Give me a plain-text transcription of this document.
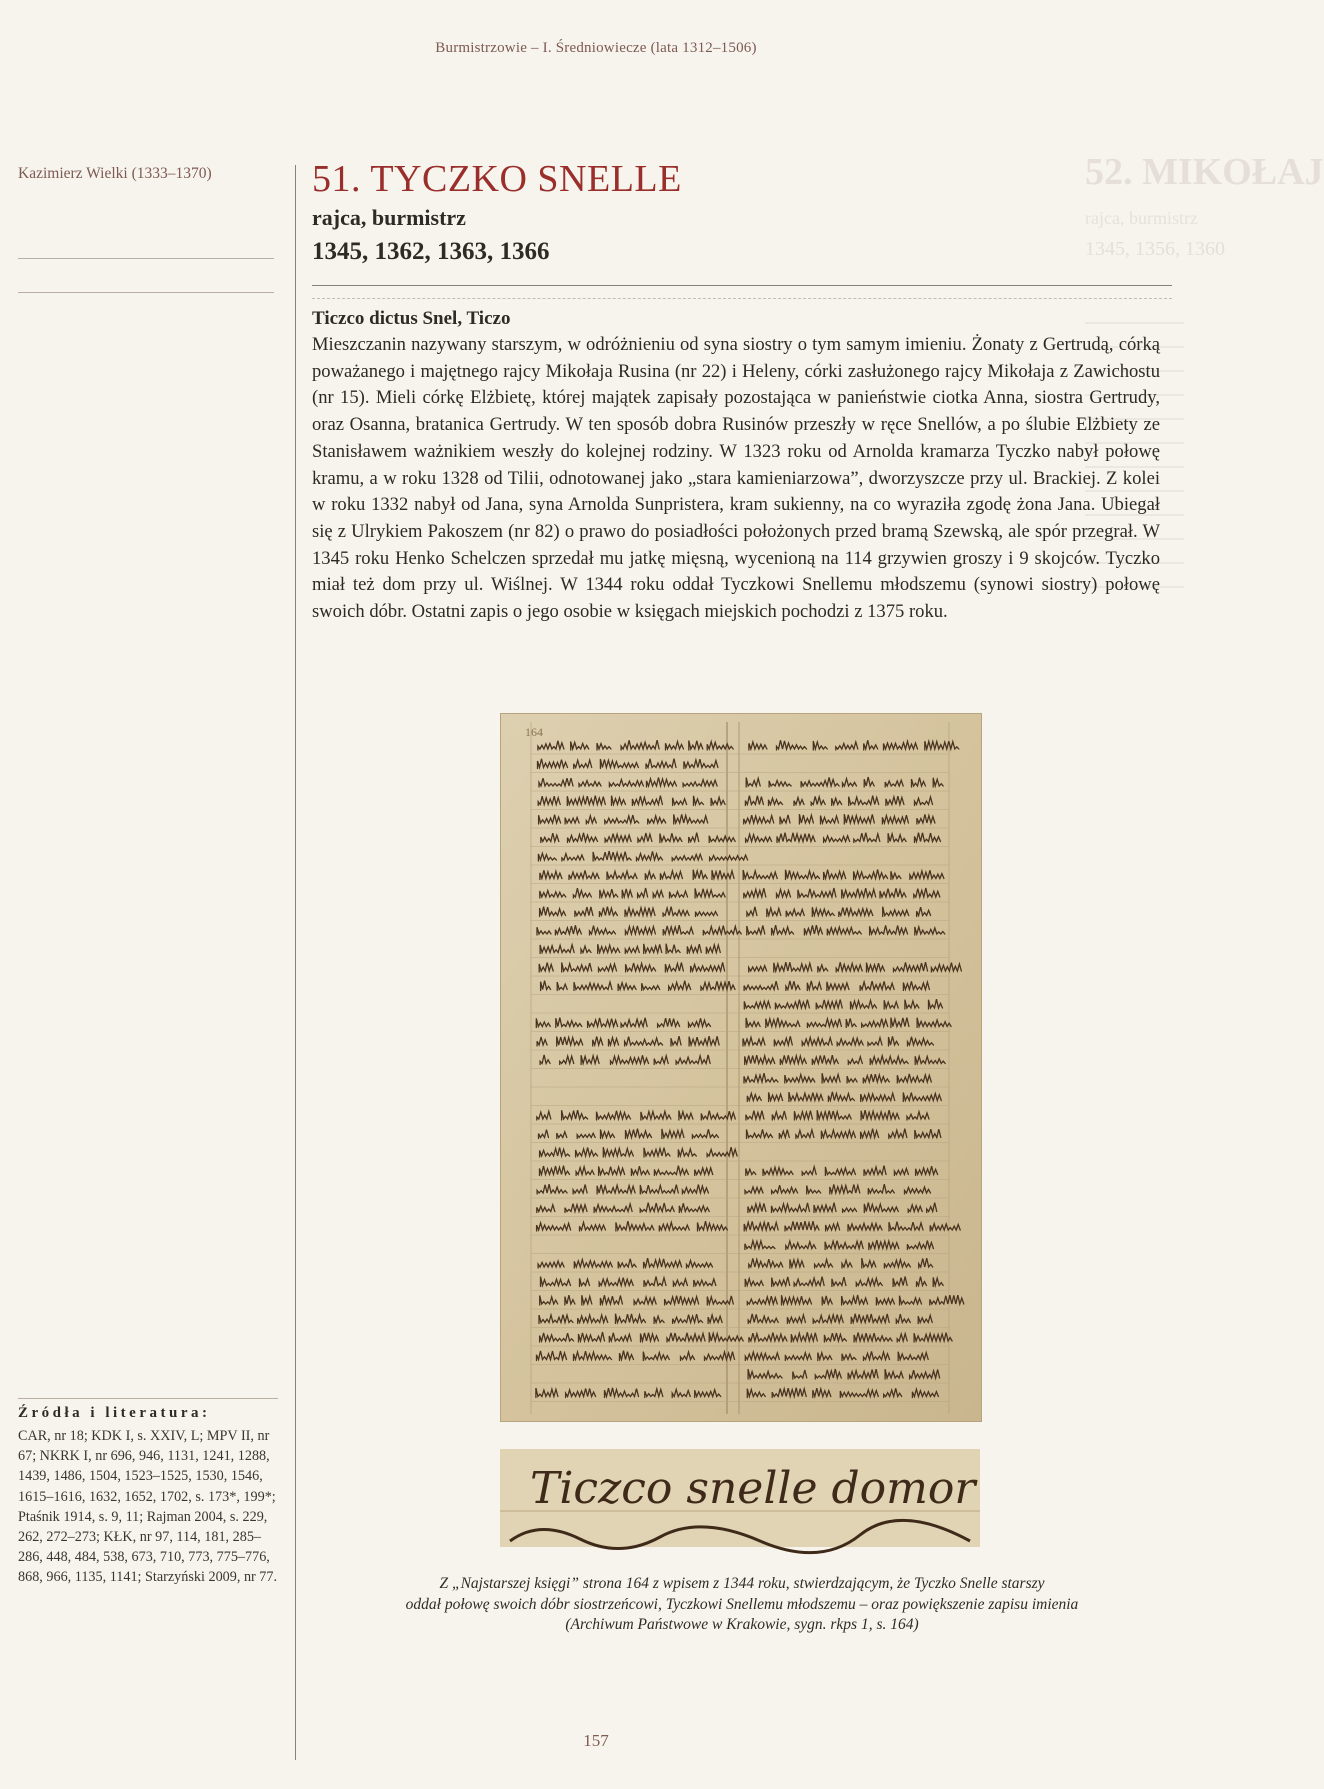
Burmistrzowie – I. Średniowiecze (lata 1312–1506)
Kazimierz Wielki (1333–1370)	52. MIKOŁAJ
rajca, burmistrz
1345, 1356, 1360
51. TYCZKO SNELLE
rajca, burmistrz
1345, 1362, 1363, 1366
Ticzco dictus Snel, Ticzo
Mieszczanin nazywany starszym, w odróżnieniu od syna siostry o tym samym imieniu. Żonaty z Gertrudą, córką poważanego i majętnego rajcy Mikołaja Rusina (nr 22) i Heleny, córki zasłużonego rajcy Mikołaja z Zawichostu (nr 15). Mieli córkę Elżbietę, której majątek zapisały pozostająca w panieństwie ciotka Anna, siostra Gertrudy, oraz Osanna, bratanica Gertrudy. W ten sposób dobra Rusinów przeszły w ręce Snellów, a po ślubie Elżbiety ze Stanisławem ważnikiem weszły do kolejnej rodziny. W 1323 roku od Arnolda kramarza Tyczko nabył połowę kramu, a w roku 1328 od Tilii, odnotowanej jako „stara kamieniarzowa”, dworzyszcze przy ul. Brackiej. Z kolei w roku 1332 nabył od Jana, syna Arnolda Sunpristera, kram sukienny, na co wyraziła zgodę żona Jana. Ubiegał się z Ulrykiem Pakoszem (nr 82) o prawo do posiadłości położonych przed bramą Szewską, ale spór przegrał. W 1345 roku Henko Schelczen sprzedał mu jatkę mięsną, wycenioną na 114 grzywien groszy i 9 skojców. Tyczko miał też dom przy ul. Wiślnej. W 1344 roku oddał Tyczkowi Snellemu młodszemu (synowi siostry) połowę swoich dóbr. Ostatni zapis o jego osobie w księgach miejskich pochodzi z 1375 roku.
164
Ticzco snelle domor
Z „Najstarszej księgi” strona 164 z wpisem z 1344 roku, stwierdzającym, że Tyczko Snelle starszy
oddał połowę swoich dóbr siostrzeńcowi, Tyczkowi Snellemu młodszemu – oraz powiększenie zapisu imienia
(Archiwum Państwowe w Krakowie, sygn. rkps 1, s. 164)
Źródła i literatura:
CAR, nr 18; KDK I, s. XXIV, L; MPV II, nr 67; NKRK I, nr 696, 946, 1131, 1241, 1288, 1439, 1486, 1504, 1523–1525, 1530, 1546, 1615–1616, 1632, 1652, 1702, s. 173*, 199*; Ptaśnik 1914, s. 9, 11; Rajman 2004, s. 229, 262, 272–273; KŁK, nr 97, 114, 181, 285–286, 448, 484, 538, 673, 710, 773, 775–776, 868, 966, 1135, 1141; Starzyński 2009, nr 77.
157
